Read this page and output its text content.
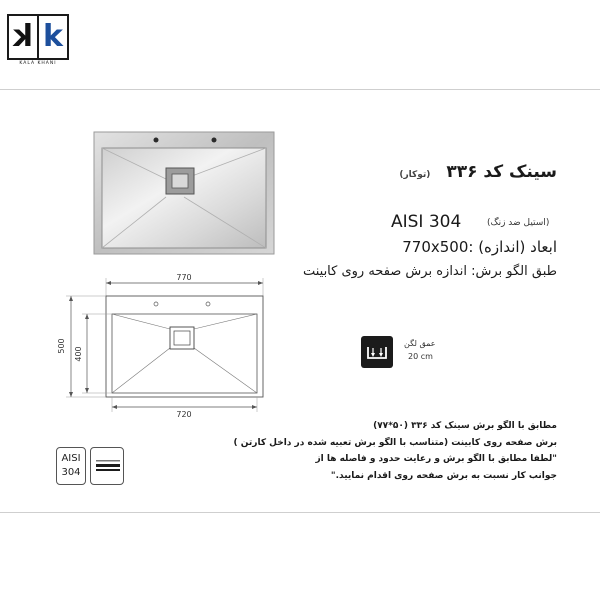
k k
KALA KHANI
770
720
500
400
سینک کد ۳۳۶ (توکار)
AISI 304	(استیل ضد زنگ)
770x500: ابعاد (اندازه)
طبق الگو برش: اندازه برش صفحه روی کابینت
عمق لگن
20 cm
مطابق با الگو برش سینک کد ۳۳۶ (۵۰*۷۷)
برش صفحه روی کابینت (متناسب با الگو برش تعبیه شده در داخل کارتن )
"لطفا مطابق با الگو برش و رعایت حدود و فاصله ها از
جوانب کار نسبت به برش صفحه روی اقدام نمایید."
AISI
304
